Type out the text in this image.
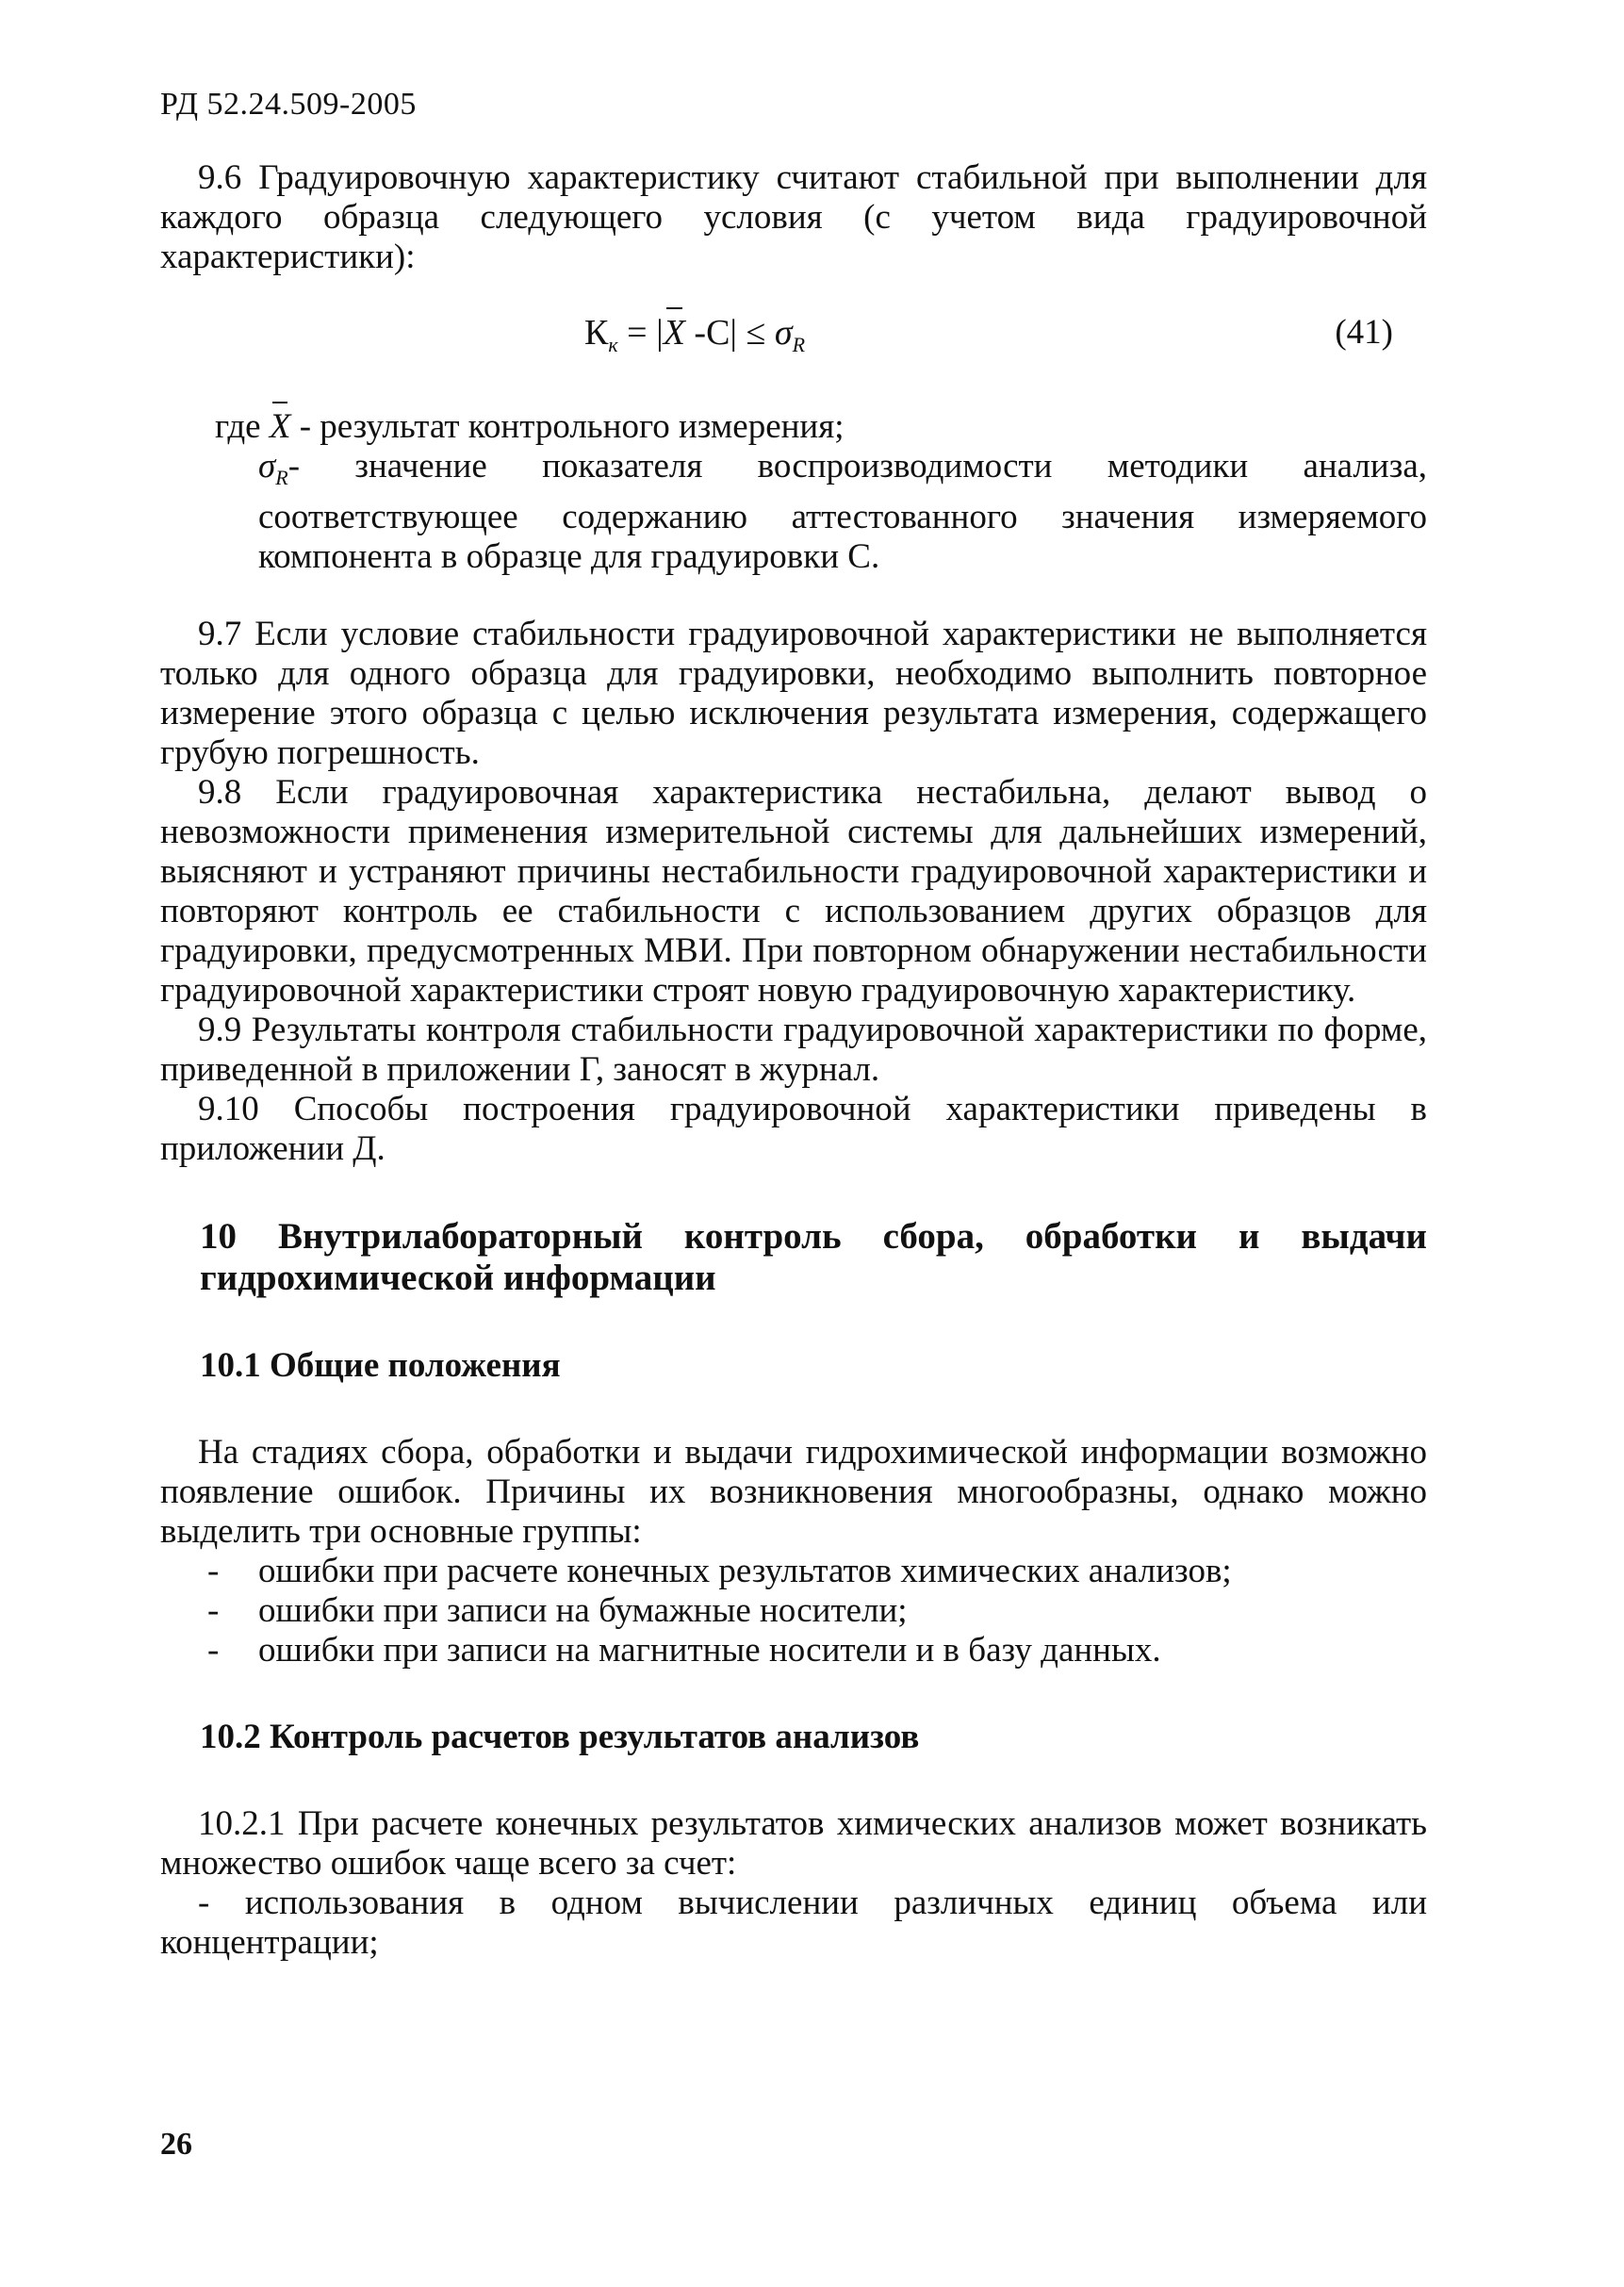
РД 52.24.509-2005

9.6 Градуировочную характеристику считают стабильной при выполнении для каждого образца следующего условия (с учетом вида градуировочной характеристики):

$К_к = |X$ $-С| \le \sigma_R$	(41)

где X - результат контрольного измерения;

$\sigma_R-$ значение показателя воспроизводимости методики анализа, соответствующее содержанию аттестованного значения измеряемого компонента в образце для градуировки С.

9.7 Если условие стабильности градуировочной характеристики не выполняется только для одного образца для градуировки, необходимо выполнить повторное измерение этого образца с целью исключения результата измерения, содержащего грубую погрешность.

9.8 Если градуировочная характеристика нестабильна, делают вывод о невозможности применения измерительной системы для дальнейших измерений, выясняют и устраняют причины нестабильности градуировочной характеристики и повторяют контроль ее стабильности с использованием других образцов для градуировки, предусмотренных МВИ. При повторном обнаружении нестабильности градуировочной характеристики строят новую градуировочную характеристику.

9.9 Результаты контроля стабильности градуировочной характеристики по форме, приведенной в приложении Г, заносят в журнал.

9.10 Способы построения градуировочной характеристики приведены в приложении Д.

10 Внутрилабораторный контроль сбора, обработки и выдачи гидрохимической информации
10.1 Общие положения

На стадиях сбора, обработки и выдачи гидрохимической информации возможно появление ошибок. Причины их возникновения многообразны, однако можно выделить три основные группы:

- ошибки при расчете конечных результатов химических анализов;
- ошибки при записи на бумажные носители;
- ошибки при записи на магнитные носители и в базу данных.
10.2 Контроль расчетов результатов анализов

10.2.1 При расчете конечных результатов химических анализов может возникать множество ошибок чаще всего за счет:

- использования в одном вычислении различных единиц объема или концентрации;

26
